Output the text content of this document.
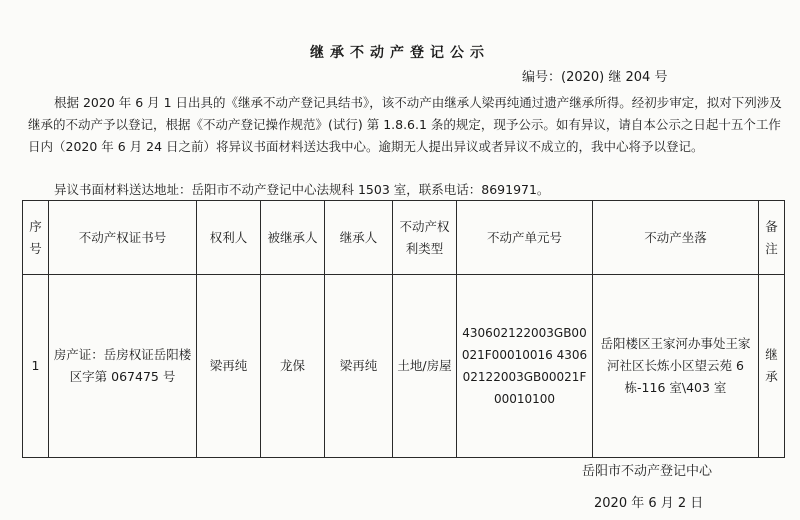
继承不动产登记公示
编号：(2020) 继 204 号

根据 2020 年 6 月 1 日出具的《继承不动产登记具结书》，该不动产由继承人梁再纯通过遗产继承所得。经初步审定，拟对下列涉及继承的不动产予以登记，根据《不动产登记操作规范》(试行) 第 1.8.6.1 条的规定，现予公示。如有异议，请自本公示之日起十五个工作日内（2020 年 6 月 24 日之前）将异议书面材料送达我中心。逾期无人提出异议或者异议不成立的，我中心将予以登记。

异议书面材料送达地址：岳阳市不动产登记中心法规科 1503 室，联系电话：8691971。
序号	不动产权证书号	权利人	被继承人	继承人	不动产权利类型	不动产单元号	不动产坐落	备注
1	房产证：岳房权证岳阳楼区字第 067475 号	梁再纯	龙保	梁再纯	土地/房屋	430602122003GB00021F00010016 430602122003GB00021F00010100	岳阳楼区王家河办事处王家河社区长炼小区望云苑 6 栋-116 室\403 室	继承
岳阳市不动产登记中心
2020 年 6 月 2 日
